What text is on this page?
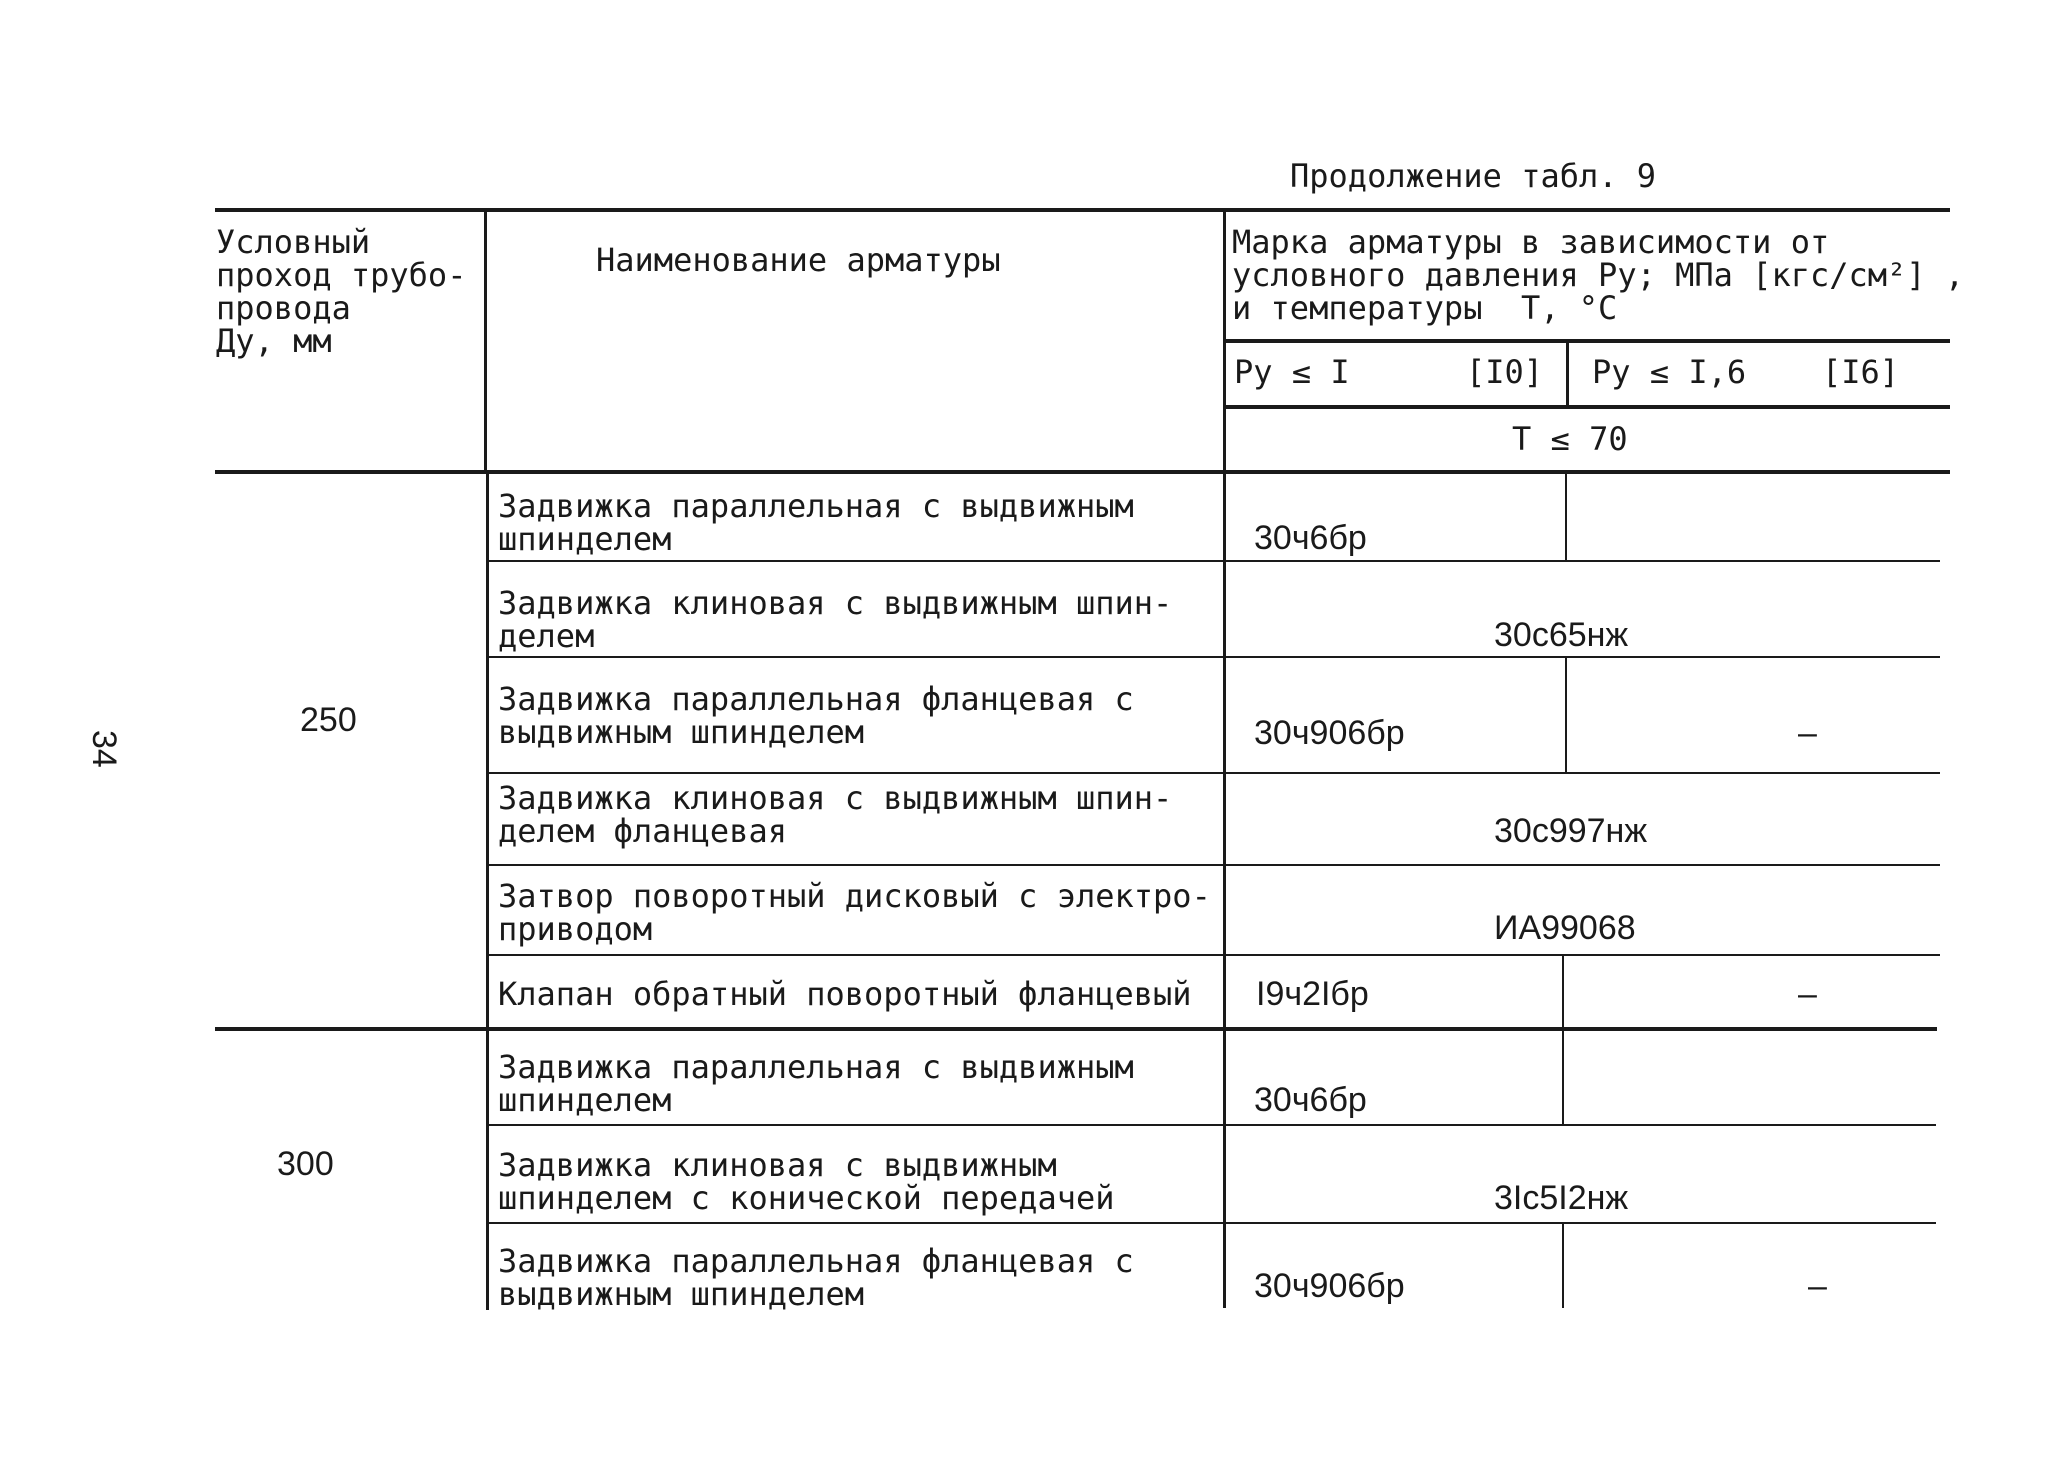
34
Продолжение табл. 9
Условный
проход трубо-
провода
Ду, мм
Наименование арматуры	Марка арматуры в зависимости от
условного давления Ру; МПа [кгс/см²] ,
и температуры  Т, °С
Ру ≤ I	[I0] Ру ≤ I,6 [I6]
Т ≤ 70
250
Задвижка параллельная с выдвижным
шпинделем	30ч6бр
Задвижка клиновая с выдвижным шпин-
делем	30с65нж
Задвижка параллельная фланцевая с
выдвижным шпинделем	30ч906бр	–
Задвижка клиновая с выдвижным шпин-
делем фланцевая	30с997нж
Затвор поворотный дисковый с электро-
приводом	ИА99068
Клапан обратный поворотный фланцевый I9ч2Iбр	–
300
Задвижка параллельная с выдвижным
шпинделем	30ч6бр
Задвижка клиновая с выдвижным
шпинделем с конической передачей	3Iс5I2нж
Задвижка параллельная фланцевая с
выдвижным шпинделем	30ч906бр	–
